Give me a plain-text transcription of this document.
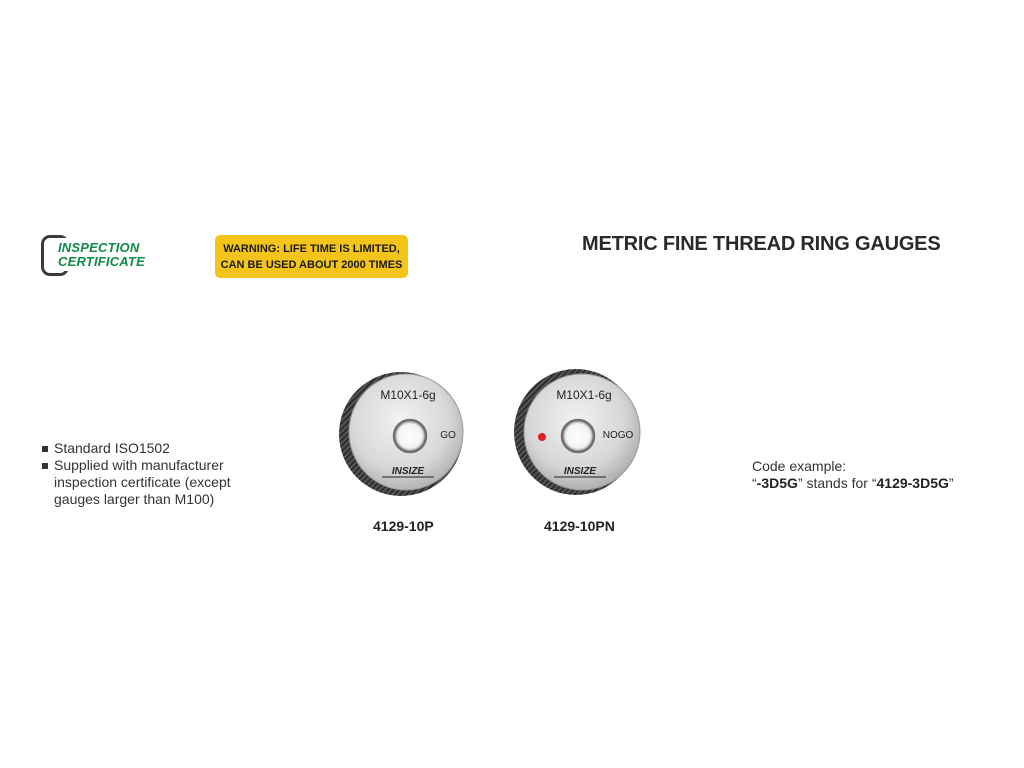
INSPECTION
CERTIFICATE
WARNING: LIFE TIME IS LIMITED,
CAN BE USED ABOUT 2000 TIMES
METRIC FINE THREAD RING GAUGES
Standard ISO1502
Supplied with manufacturer inspection certificate (except gauges larger than M100)
M10X1-6g
GO
INSIZE
4129-10P
M10X1-6g
NOGO
INSIZE
4129-10PN
Code example:
“-3D5G” stands for “4129-3D5G”
